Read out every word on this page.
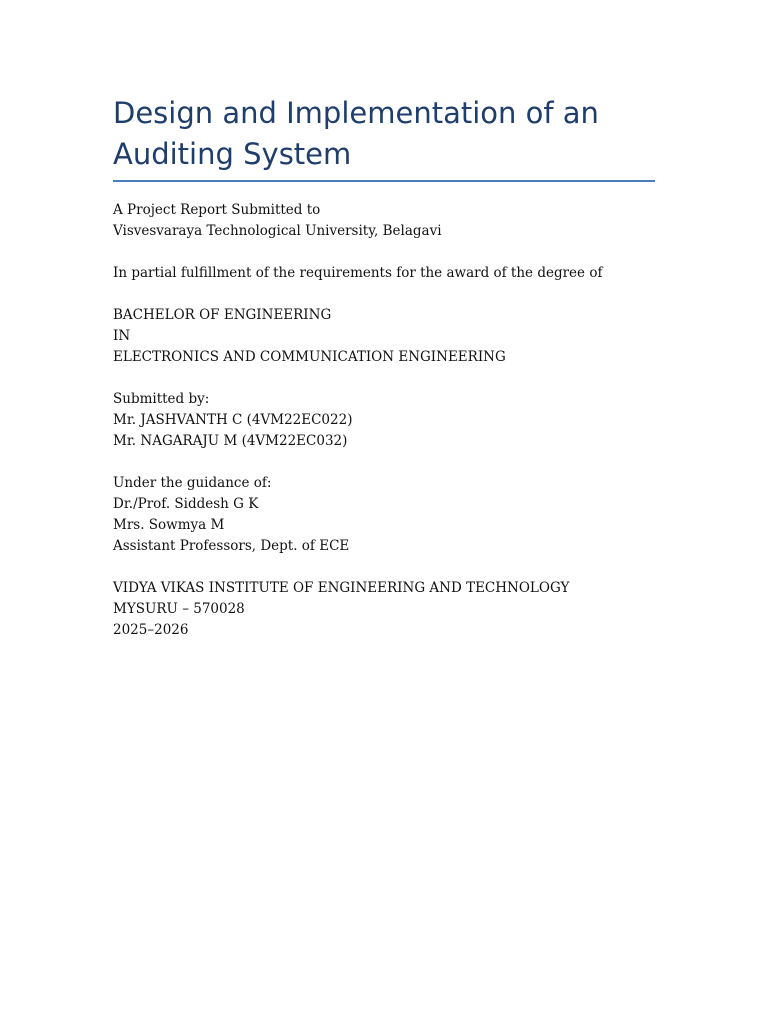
Design and Implementation of an

Auditing System

A Project Report Submitted to

Visvesvaraya Technological University, Belagavi

In partial fulfillment of the requirements for the award of the degree of

BACHELOR OF ENGINEERING

IN

ELECTRONICS AND COMMUNICATION ENGINEERING

Submitted by:

Mr. JASHVANTH C (4VM22EC022)

Mr. NAGARAJU M (4VM22EC032)

Under the guidance of:

Dr./Prof. Siddesh G K

Mrs. Sowmya M

Assistant Professors, Dept. of ECE

VIDYA VIKAS INSTITUTE OF ENGINEERING AND TECHNOLOGY

MYSURU – 570028

2025–2026
